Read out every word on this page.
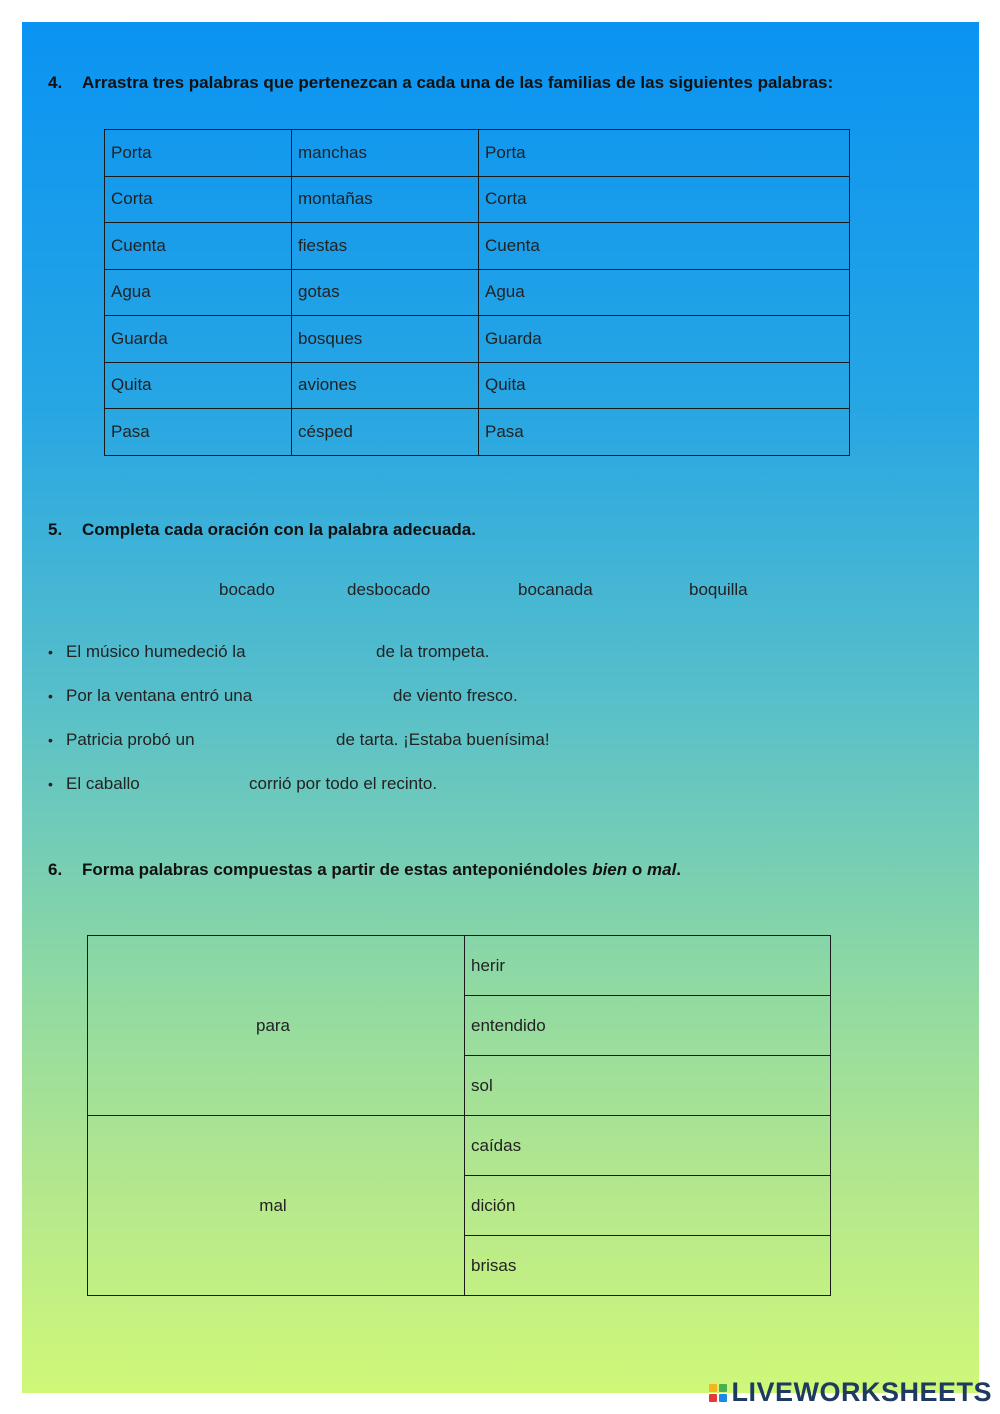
4. Arrastra tres palabras que pertenezcan a cada una de las familias de las siguientes palabras:
Porta	manchas	Porta
Corta	montañas	Corta
Cuenta	fiestas	Cuenta
Agua	gotas	Agua
Guarda	bosques	Guarda
Quita	aviones	Quita
Pasa	césped	Pasa
5. Completa cada oración con la palabra adecuada.
bocado	desbocado	bocanada	boquilla
• El músico humedeció la	de la trompeta.
• Por la ventana entró una	de viento fresco.
• Patricia probó un	de tarta. ¡Estaba buenísima!
• El caballo	corrió por todo el recinto.
6. Forma palabras compuestas a partir de estas anteponiéndoles bien o mal.
para	herir
	entendido
	sol
mal	caídas
	dición
	brisas
LIVEWORKSHEETS
